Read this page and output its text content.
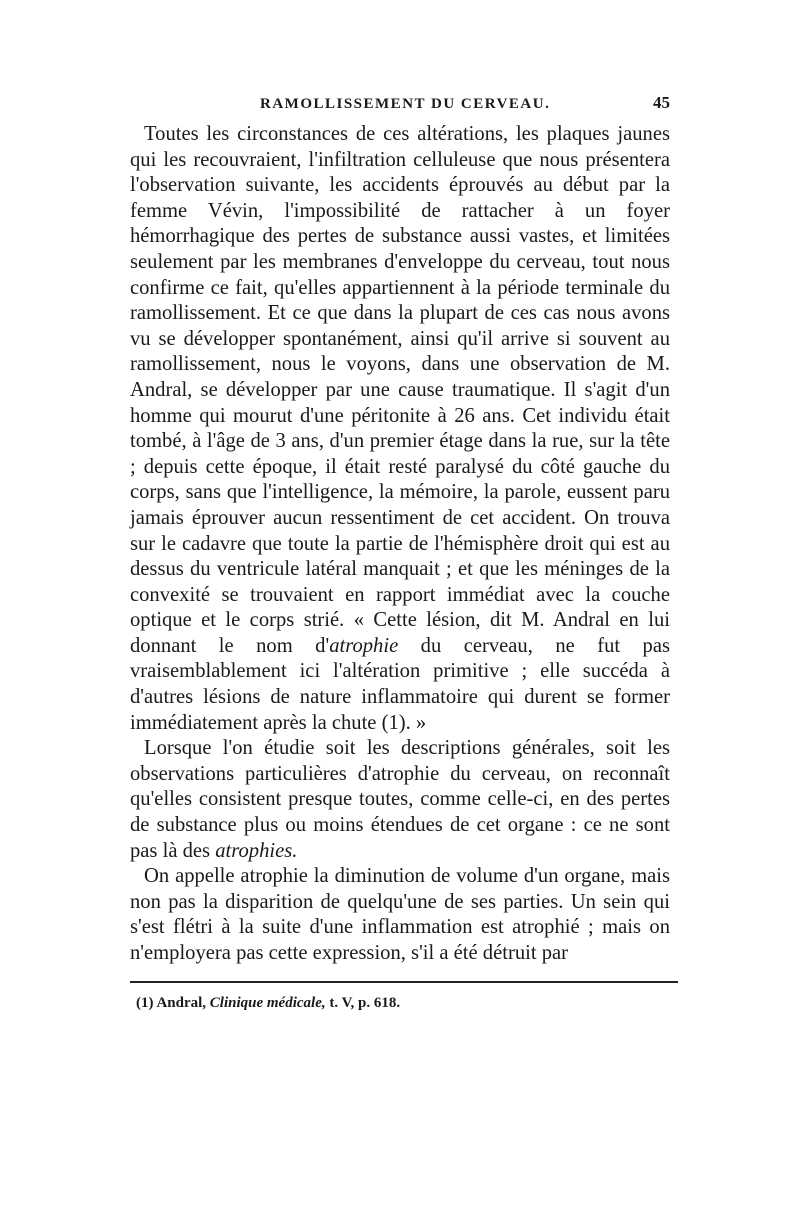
RAMOLLISSEMENT DU CERVEAU.	45

Toutes les circonstances de ces altérations, les plaques jaunes qui les recouvraient, l'infiltration celluleuse que nous présentera l'observation suivante, les accidents éprouvés au début par la femme Vévin, l'impossibilité de rattacher à un foyer hémorrhagique des pertes de substance aussi vastes, et limitées seulement par les membranes d'enveloppe du cerveau, tout nous confirme ce fait, qu'elles appartiennent à la période terminale du ramollissement. Et ce que dans la plupart de ces cas nous avons vu se développer spontanément, ainsi qu'il arrive si souvent au ramollissement, nous le voyons, dans une observation de M. Andral, se développer par une cause traumatique. Il s'agit d'un homme qui mourut d'une péritonite à 26 ans. Cet individu était tombé, à l'âge de 3 ans, d'un premier étage dans la rue, sur la tête ; depuis cette époque, il était resté paralysé du côté gauche du corps, sans que l'intelligence, la mémoire, la parole, eussent paru jamais éprouver aucun ressentiment de cet accident. On trouva sur le cadavre que toute la partie de l'hémisphère droit qui est au dessus du ventricule latéral manquait ; et que les méninges de la convexité se trouvaient en rapport immédiat avec la couche optique et le corps strié. « Cette lésion, dit M. Andral en lui donnant le nom d'atrophie du cerveau, ne fut pas vraisemblablement ici l'altération primitive ; elle succéda à d'autres lésions de nature inflammatoire qui durent se former immédiatement après la chute (1). »

Lorsque l'on étudie soit les descriptions générales, soit les observations particulières d'atrophie du cerveau, on reconnaît qu'elles consistent presque toutes, comme celle-ci, en des pertes de substance plus ou moins étendues de cet organe : ce ne sont pas là des atrophies.

On appelle atrophie la diminution de volume d'un organe, mais non pas la disparition de quelqu'une de ses parties. Un sein qui s'est flétri à la suite d'une inflammation est atrophié ; mais on n'employera pas cette expression, s'il a été détruit par

(1) Andral, Clinique médicale, t. V, p. 618.
